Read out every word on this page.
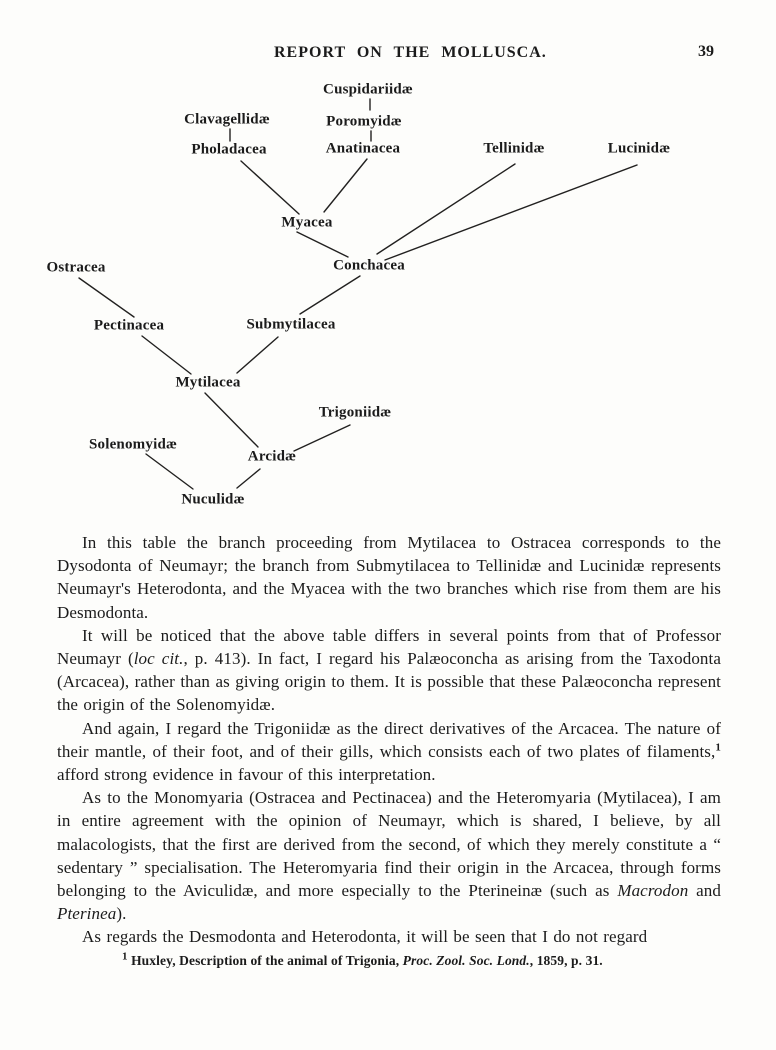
REPORT ON THE MOLLUSCA.	39
Cuspidariidæ
Clavagellidæ	Poromyidæ
Pholadacea	Anatinacea	Tellinidæ	Lucinidæ
Myacea
Ostracea	Conchacea
Pectinacea	Submytilacea
Mytilacea
Trigoniidæ
Solenomyidæ
Arcidæ
Nuculidæ

In this table the branch proceeding from Mytilacea to Ostracea corresponds to the Dysodonta of Neumayr; the branch from Submytilacea to Tellinidæ and Lucinidæ represents Neumayr's Heterodonta, and the Myacea with the two branches which rise from them are his Desmodonta.

It will be noticed that the above table differs in several points from that of Professor Neumayr (loc cit., p. 413). In fact, I regard his Palæoconcha as arising from the Taxodonta (Arcacea), rather than as giving origin to them. It is possible that these Palæoconcha represent the origin of the Solenomyidæ.

And again, I regard the Trigoniidæ as the direct derivatives of the Arcacea. The nature of their mantle, of their foot, and of their gills, which consists each of two plates of filaments,$^1$ afford strong evidence in favour of this interpretation.

As to the Monomyaria (Ostracea and Pectinacea) and the Heteromyaria (Mytilacea), I am in entire agreement with the opinion of Neumayr, which is shared, I believe, by all malacologists, that the first are derived from the second, of which they merely constitute a “ sedentary ” specialisation. The Heteromyaria find their origin in the Arcacea, through forms belonging to the Aviculidæ, and more especially to the Pterineinæ (such as Macrodon and Pterinea).

As regards the Desmodonta and Heterodonta, it will be seen that I do not regard

$^1$ Huxley, Description of the animal of Trigonia, Proc. Zool. Soc. Lond., 1859, p. 31.
